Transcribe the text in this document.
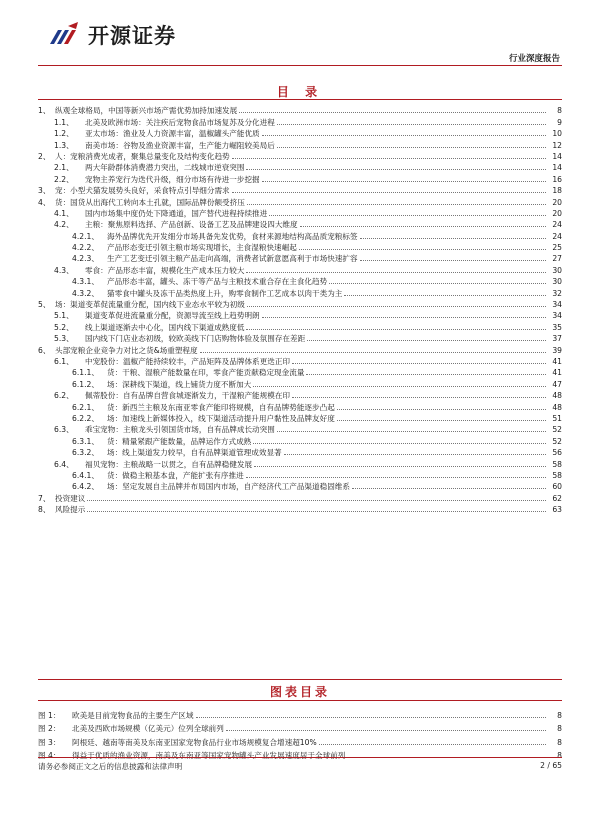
开源证券
行业深度报告
目 录
1、 纵观全球格局，中国等新兴市场产需优势加持加速发展	8
1.1、	北美及欧洲市场：关注疾后宠物食品市场复苏及分化进程	9
1.2、	亚太市场：渔业及人力资源丰富，温椒罐头产能优质	10
1.3、	南美市场：谷物及渔业资源丰富，生产能力崛阻较美局后	12
2、 人：宠粮消费光成者，聚集总量变化及结构变化趋势	14
2.1、	两大年龄群体消费潜力突出，二线城市逆衰突围	14
2.2、	宠物主养宠行为迭代升级，细分市场有待进一步挖掘	16
3、 宠：小型犬猫发展势头良好，采食特点引导细分需求	18
4、 货：国货从出海代工转向本土孔就，国际品牌份额受挤压	20
4.1、	国内市场集中度仍处下降通道，国产替代进程持续推进	20
4.2、	主粮：聚焦原料选择、产品创新、设备工艺及品牌建设四大维度	24
4.2.1、	海外品牌优先开发细分市场具备先发优势，食材来源地结构高品质宠粮标签	24
4.2.2、	产品形态变迁引领主粮市场实现增长，主食湿粮快速崛起	25
4.2.3、	生产工艺变迁引领主粮产品走向高端，消费者试新意愿高利于市场快速扩容	27
4.3、	零食：产品形态丰富，规模化生产成本压力较大	30
4.3.1、	产品形态丰富，罐头、冻干等产品与主粮技术重合存在主食化趋势	30
4.3.2、	猫零食中罐头及冻干品类热度上升，购零食制作工艺成本以肉干类为主	32
5、 场：渠道变革促流量重分配，国内线下业态水平较为初级	34
5.1、	渠道变革促进流量重分配，资源导流至线上趋势明朗	34
5.2、	线上渠道逐渐去中心化，国内线下渠道成熟度低	35
5.3、	国内线下门店业态初级，较欧美线下门店购物体验及氛围存在差距	37
6、 头部宠粮企业竞争力对比之货&场重塑程度	39
6.1、	中宠股份：温椒产能持续较丰，产品矩阵及品牌体系更迭正印	41
6.1.1、	货：干粮、湿粮产能数量在印，零食产能贡献稳定现金流量	41
6.1.2、	场：深耕线下渠道，线上铺货力度不断加大	47
6.2、	佩蒂股份：自有品牌自营食城逐渐发力，干湿粮产能规模在印	48
6.2.1、	货：新西兰主粮及东南亚零食产能印将规模，自有品牌势能逐步凸起	48
6.2.2、	场：加速线上新媒体投入，线下渠道活动提升用户黏性及品牌友好度	51
6.3、	乖宝宠物：主粮龙头引领国货市场，自有品牌成长动突围	52
6.3.1、	货：精量紧跟产能数量，品牌运作方式成熟	52
6.3.2、	场：线上渠道发力较早，自有品牌渠道管理成效显著	56
6.4、	福贝宠物：主粮战略一以贯之，自有品牌稳健发展	58
6.4.1、	货：做稳主粮基本盘，产能扩张有序推进	58
6.4.2、	场：坚定发展自主品牌并布局国内市场，自产经济代工产品渠道稳固维系	60
7、 投资建议	62
8、 风险提示	63
图表目录
图 1：	欧美是目前宠物食品的主要生产区域	8
图 2：	北美及西欧市场规模（亿美元）位列全球前列	8
图 3：	阿根廷、越南等南美及东南亚国家宠物食品行业市场规模复合增速超10%	8
图 4：	得益于优质的渔业资源，南美及东南亚等国家宠物罐头产业发展速度居于全球前列	8
请务必参阅正文之后的信息披露和法律声明	2 / 65
